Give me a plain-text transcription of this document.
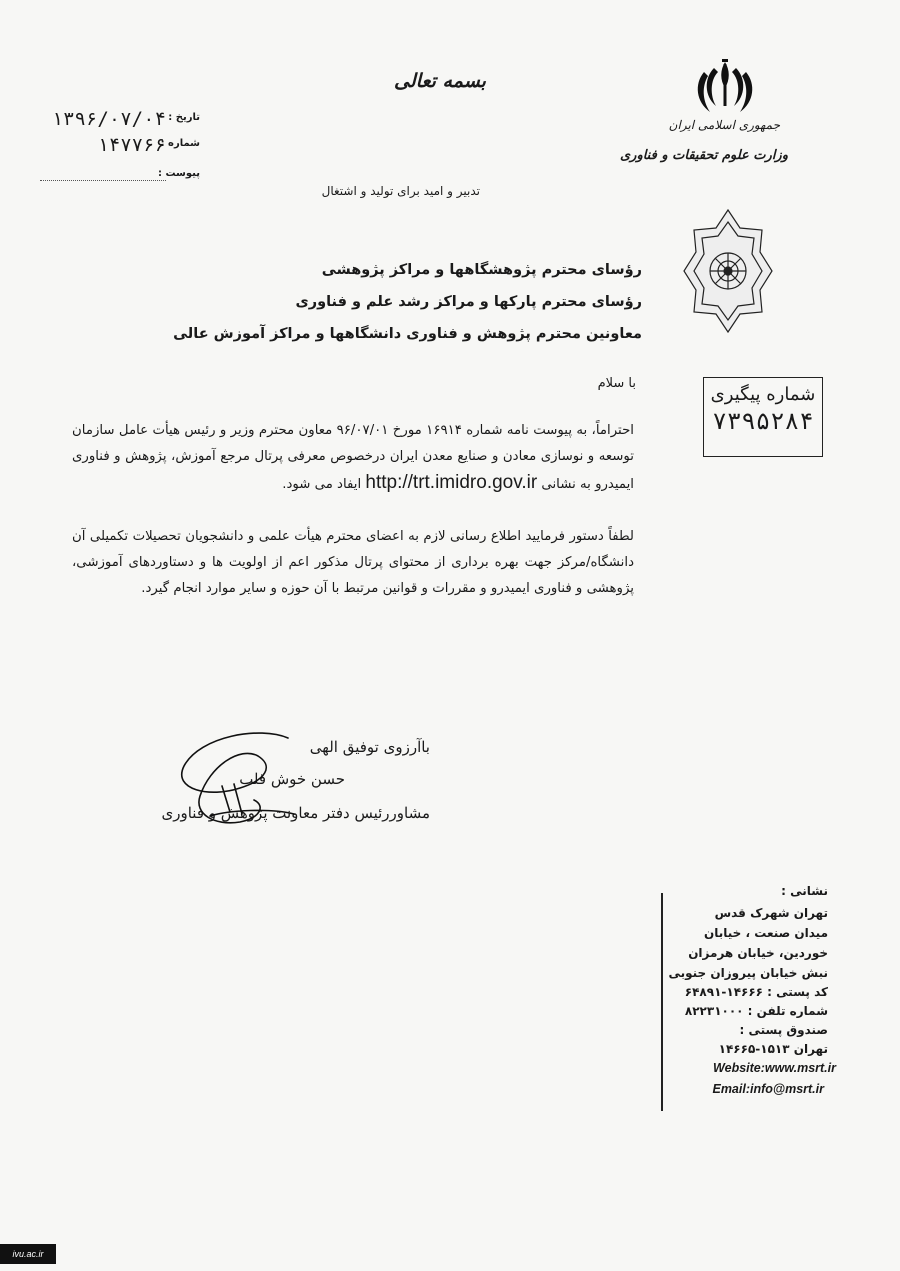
جمهوری اسلامی ایران
وزارت علوم تحقیقات و فناوری
بسمه تعالی
تاریخ :
۱۳۹۶/۰۷/۰۴
شماره :
۱۴۷۷۶۶
پیوست :
تدبیر و امید برای تولید و اشتغال
رؤسای محترم پژوهشگاهها و مراکز پژوهشی
رؤسای محترم پارکها و مراکز رشد علم و فناوری
معاونین محترم پژوهش و فناوری دانشگاهها و مراکز آموزش عالی
شماره پیگیری
۷۳۹۵۲۸۴
با سلام
احتراماً، به پیوست نامه شماره ۱۶۹۱۴ مورخ ۹۶/۰۷/۰۱ معاون محترم وزیر و رئیس هیأت عامل سازمان توسعه و نوسازی معادن و صنایع معدن ایران درخصوص معرفی پرتال مرجع آموزش، پژوهش و فناوری ایمیدرو به نشانی http://trt.imidro.gov.ir ایفاد می شود.
لطفاً دستور فرمایید اطلاع رسانی لازم به اعضای محترم هیأت علمی و دانشجویان تحصیلات تکمیلی آن دانشگاه/مرکز جهت بهره برداری از محتوای پرتال مذکور اعم از اولویت ها و دستاوردهای آموزشی، پژوهشی و فناوری ایمیدرو و مقررات و قوانین مرتبط با آن حوزه و سایر موارد انجام گیرد.
باآرزوی توفیق الهی
حسن خوش قلب
مشاوررئیس دفتر معاونت پژوهش و فناوری
نشانی :
تهران شهرک قدس
میدان صنعت ، خیابان
خوردین، خیابان هرمزان
نبش خیابان پیروزان جنوبی
کد پستی : ۱۴۶۶۶-۶۴۸۹۱
شماره تلفن : ۸۲۲۳۱۰۰۰
صندوق پستی :
تهران ۱۵۱۳-۱۴۶۶۵
Website:www.msrt.ir
Email:info@msrt.ir
ivu.ac.ir
